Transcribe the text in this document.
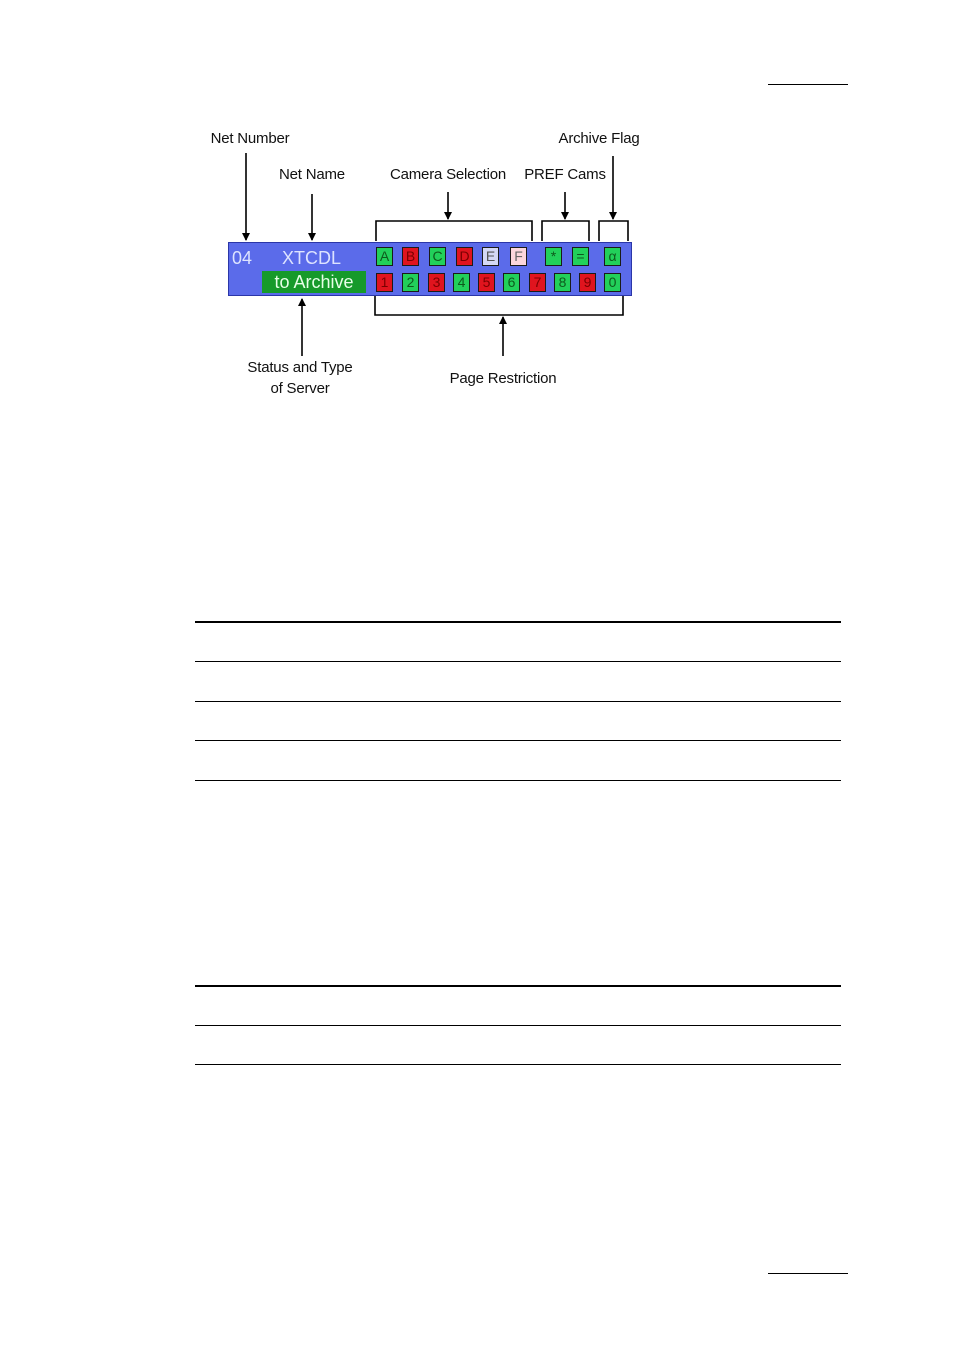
Net Number
Net Name	Camera Selection PREF Cams
Archive Flag
Status and Type
of Server
Page Restriction
04 XTCDL
to Archive
A B C D E	F	*	=	α
1	2	3	4	5	6	7	8	9	0
